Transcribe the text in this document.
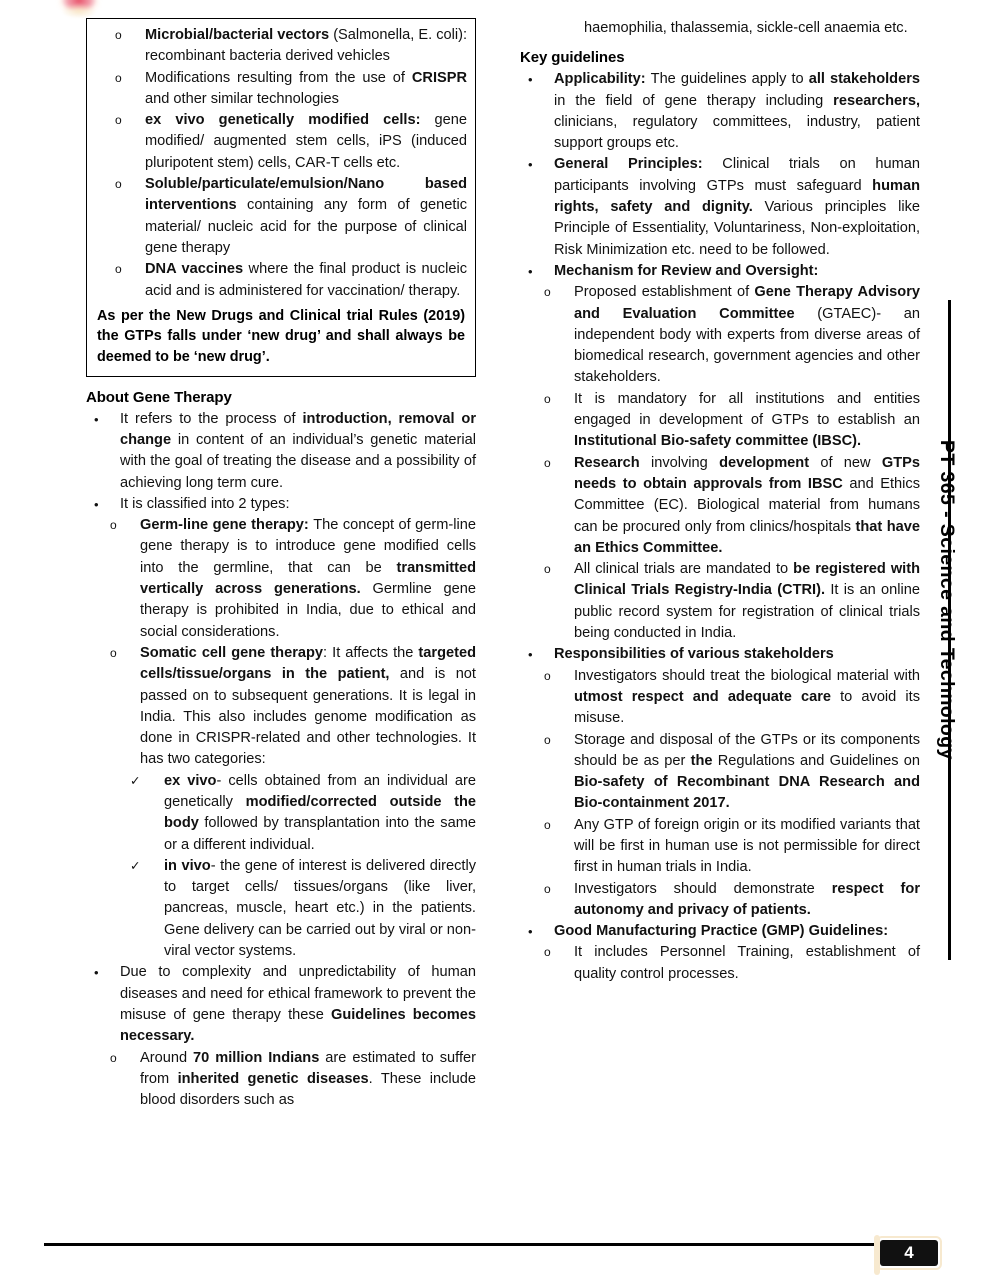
o	Microbial/bacterial vectors (Salmonella, E. coli): recombinant bacteria derived vehicles
o	Modifications resulting from the use of CRISPR and other similar technologies
o	ex vivo genetically modified cells: gene modified/ augmented stem cells, iPS (induced pluripotent stem) cells, CAR-T cells etc.
o	Soluble/particulate/emulsion/Nano based interventions containing any form of genetic material/ nucleic acid for the purpose of clinical gene therapy
o	DNA vaccines where the final product is nucleic acid and is administered for vaccination/ therapy.
As per the New Drugs and Clinical trial Rules (2019) the GTPs falls under ‘new drug’ and shall always be deemed to be ‘new drug’.
About Gene Therapy
•	It refers to the process of introduction, removal or change in content of an individual’s genetic material with the goal of treating the disease and a possibility of achieving long term cure.
•	It is classified into 2 types:
o	Germ-line gene therapy: The concept of germ-line gene therapy is to introduce gene modified cells into the germline, that can be transmitted vertically across generations. Germline gene therapy is prohibited in India, due to ethical and social considerations.
o	Somatic cell gene therapy: It affects the targeted cells/tissue/organs in the patient, and is not passed on to subsequent generations. It is legal in India. This also includes genome modification as done in CRISPR-related and other technologies. It has two categories:
✓	ex vivo- cells obtained from an individual are genetically modified/corrected outside the body followed by transplantation into the same or a different individual.
✓	in vivo- the gene of interest is delivered directly to target cells/ tissues/organs (like liver, pancreas, muscle, heart etc.) in the patients. Gene delivery can be carried out by viral or non- viral vector systems.
•	Due to complexity and unpredictability of human diseases and need for ethical framework to prevent the misuse of gene therapy these Guidelines becomes necessary.
o	Around 70 million Indians are estimated to suffer from inherited genetic diseases. These include blood disorders such as
haemophilia, thalassemia, sickle-cell anaemia etc.
Key guidelines
•	Applicability: The guidelines apply to all stakeholders in the field of gene therapy including researchers, clinicians, regulatory committees, industry, patient support groups etc.
•	General Principles: Clinical trials on human participants involving GTPs must safeguard human rights, safety and dignity. Various principles like Principle of Essentiality, Voluntariness, Non-exploitation, Risk Minimization etc. need to be followed.
•	Mechanism for Review and Oversight:
o	Proposed establishment of Gene Therapy Advisory and Evaluation Committee (GTAEC)- an independent body with experts from diverse areas of biomedical research, government agencies and other stakeholders.
o	It is mandatory for all institutions and entities engaged in development of GTPs to establish an Institutional Bio-safety committee (IBSC).
o	Research involving development of new GTPs needs to obtain approvals from IBSC and Ethics Committee (EC). Biological material from humans can be procured only from clinics/hospitals that have an Ethics Committee.
o	All clinical trials are mandated to be registered with Clinical Trials Registry-India (CTRI). It is an online public record system for registration of clinical trials being conducted in India.
•	Responsibilities of various stakeholders
o	Investigators should treat the biological material with utmost respect and adequate care to avoid its misuse.
o	Storage and disposal of the GTPs or its components should be as per the Regulations and Guidelines on Bio-safety of Recombinant DNA Research and Bio-containment 2017.
o	Any GTP of foreign origin or its modified variants that will be first in human use is not permissible for direct first in human trials in India.
o	Investigators should demonstrate respect for autonomy and privacy of patients.
•	Good Manufacturing Practice (GMP) Guidelines:
o	It includes Personnel Training, establishment of quality control processes.
PT 365 - Science and Technology
4
